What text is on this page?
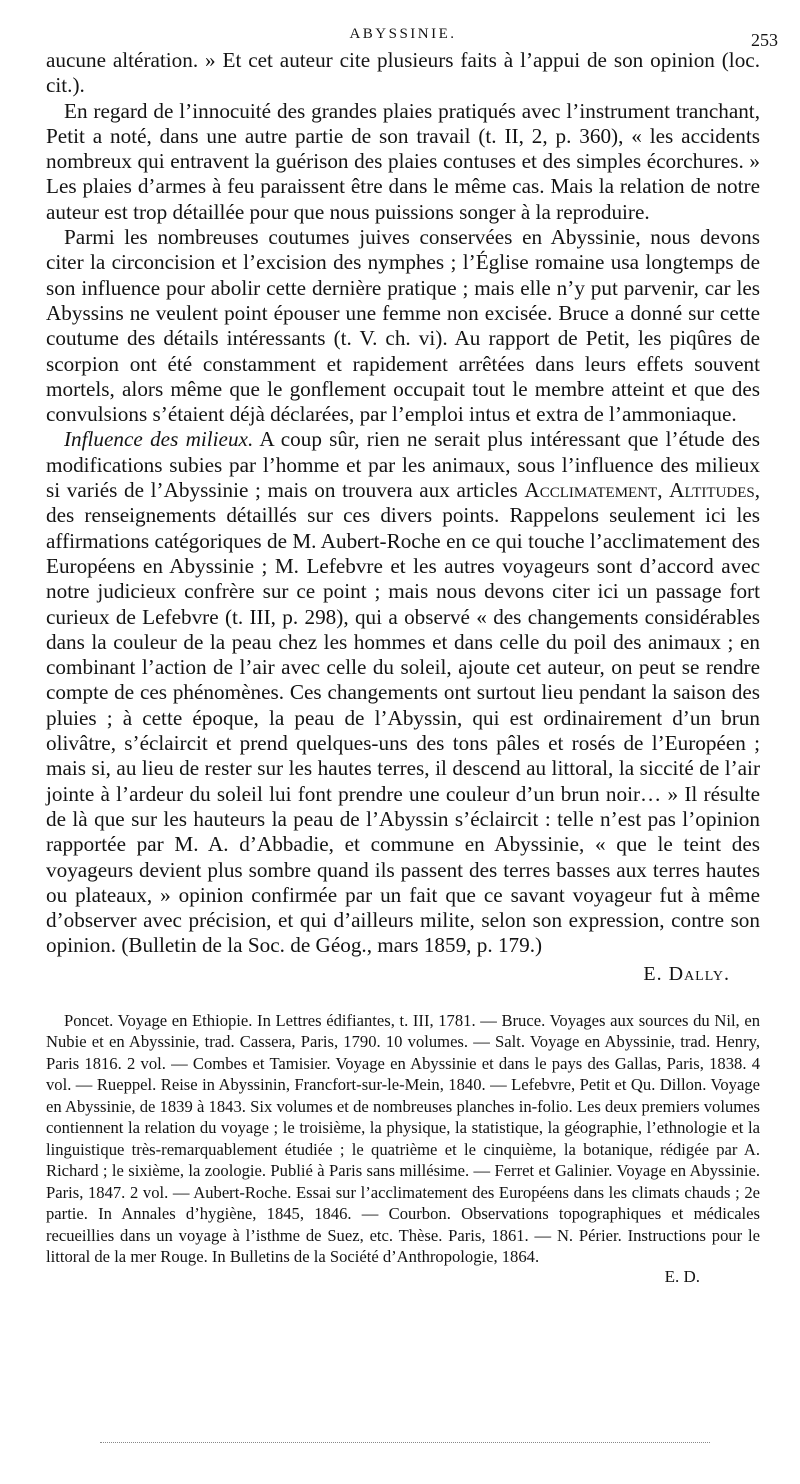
ABYSSINIE.	253

aucune altération. » Et cet auteur cite plusieurs faits à l’appui de son opinion (loc. cit.).

En regard de l’innocuité des grandes plaies pratiqués avec l’instrument tranchant, Petit a noté, dans une autre partie de son travail (t. II, 2, p. 360), « les accidents nombreux qui entravent la guérison des plaies contuses et des simples écorchures. » Les plaies d’armes à feu paraissent être dans le même cas. Mais la relation de notre auteur est trop détaillée pour que nous puissions songer à la reproduire.

Parmi les nombreuses coutumes juives conservées en Abyssinie, nous devons citer la circoncision et l’excision des nymphes ; l’Église romaine usa longtemps de son influence pour abolir cette dernière pratique ; mais elle n’y put parvenir, car les Abyssins ne veulent point épouser une femme non excisée. Bruce a donné sur cette coutume des détails intéressants (t. V. ch. vi). Au rapport de Petit, les piqûres de scorpion ont été constamment et rapidement arrêtées dans leurs effets souvent mortels, alors même que le gonflement occupait tout le membre atteint et que des convulsions s’étaient déjà déclarées, par l’emploi intus et extra de l’ammoniaque.

Influence des milieux. A coup sûr, rien ne serait plus intéressant que l’étude des modifications subies par l’homme et par les animaux, sous l’influence des milieux si variés de l’Abyssinie ; mais on trouvera aux articles Acclimatement, Altitudes, des renseignements détaillés sur ces divers points. Rappelons seulement ici les affirmations catégoriques de M. Aubert-Roche en ce qui touche l’acclimatement des Européens en Abyssinie ; M. Lefebvre et les autres voyageurs sont d’accord avec notre judicieux confrère sur ce point ; mais nous devons citer ici un passage fort curieux de Lefebvre (t. III, p. 298), qui a observé « des changements considérables dans la couleur de la peau chez les hommes et dans celle du poil des animaux ; en combinant l’action de l’air avec celle du soleil, ajoute cet auteur, on peut se rendre compte de ces phénomènes. Ces changements ont surtout lieu pendant la saison des pluies ; à cette époque, la peau de l’Abyssin, qui est ordinairement d’un brun olivâtre, s’éclaircit et prend quelques-uns des tons pâles et rosés de l’Européen ; mais si, au lieu de rester sur les hautes terres, il descend au littoral, la siccité de l’air jointe à l’ardeur du soleil lui font prendre une couleur d’un brun noir… » Il résulte de là que sur les hauteurs la peau de l’Abyssin s’éclaircit : telle n’est pas l’opinion rapportée par M. A. d’Abbadie, et commune en Abyssinie, « que le teint des voyageurs devient plus sombre quand ils passent des terres basses aux terres hautes ou plateaux, » opinion confirmée par un fait que ce savant voyageur fut à même d’observer avec précision, et qui d’ailleurs milite, selon son expression, contre son opinion. (Bulletin de la Soc. de Géog., mars 1859, p. 179.)

E. Dally.

Poncet. Voyage en Ethiopie. In Lettres édifiantes, t. III, 1781. — Bruce. Voyages aux sources du Nil, en Nubie et en Abyssinie, trad. Cassera, Paris, 1790. 10 volumes. — Salt. Voyage en Abyssinie, trad. Henry, Paris 1816. 2 vol. — Combes et Tamisier. Voyage en Abyssinie et dans le pays des Gallas, Paris, 1838. 4 vol. — Rueppel. Reise in Abyssinin, Francfort-sur-le-Mein, 1840. — Lefebvre, Petit et Qu. Dillon. Voyage en Abyssinie, de 1839 à 1843. Six volumes et de nombreuses planches in-folio. Les deux premiers volumes contiennent la relation du voyage ; le troisième, la physique, la statistique, la géographie, l’ethnologie et la linguistique très-remarquablement étudiée ; le quatrième et le cinquième, la botanique, rédigée par A. Richard ; le sixième, la zoologie. Publié à Paris sans millésime. — Ferret et Galinier. Voyage en Abyssinie. Paris, 1847. 2 vol. — Aubert-Roche. Essai sur l’acclimatement des Européens dans les climats chauds ; 2e partie. In Annales d’hygiène, 1845, 1846. — Courbon. Observations topographiques et médicales recueillies dans un voyage à l’isthme de Suez, etc. Thèse. Paris, 1861. — N. Périer. Instructions pour le littoral de la mer Rouge. In Bulletins de la Société d’Anthropologie, 1864.

E. D.
